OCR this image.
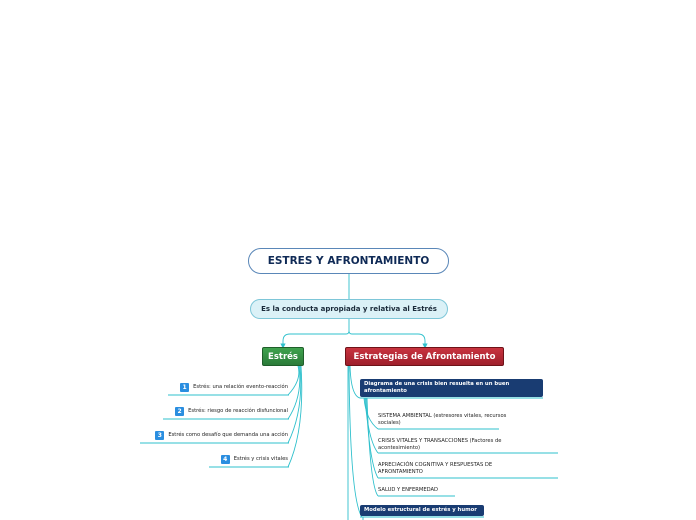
ESTRES Y AFRONTAMIENTO
Es la conducta apropiada y relativa al Estrés
Estrés	Estrategias de Afrontamiento
1	Estrés: una relación evento-reacción
2	Estrés: riesgo de reacción disfuncional
3	Estrés como desafío que demanda una acción
4	Estrés y crisis vitales
Diagrama de una crisis bien resuelta en un buen afrontamiento
SISTEMA AMBIENTAL (estresores vitales, recursos sociales)
CRISIS VITALES Y TRANSACCIONES (Factores de acontesimiento)
APRECIACIÓN COGNITIVA Y RESPUESTAS DE AFRONTAMIENTO
SALUD Y ENFERMEDAD
Modelo estructural de estrés y humor
